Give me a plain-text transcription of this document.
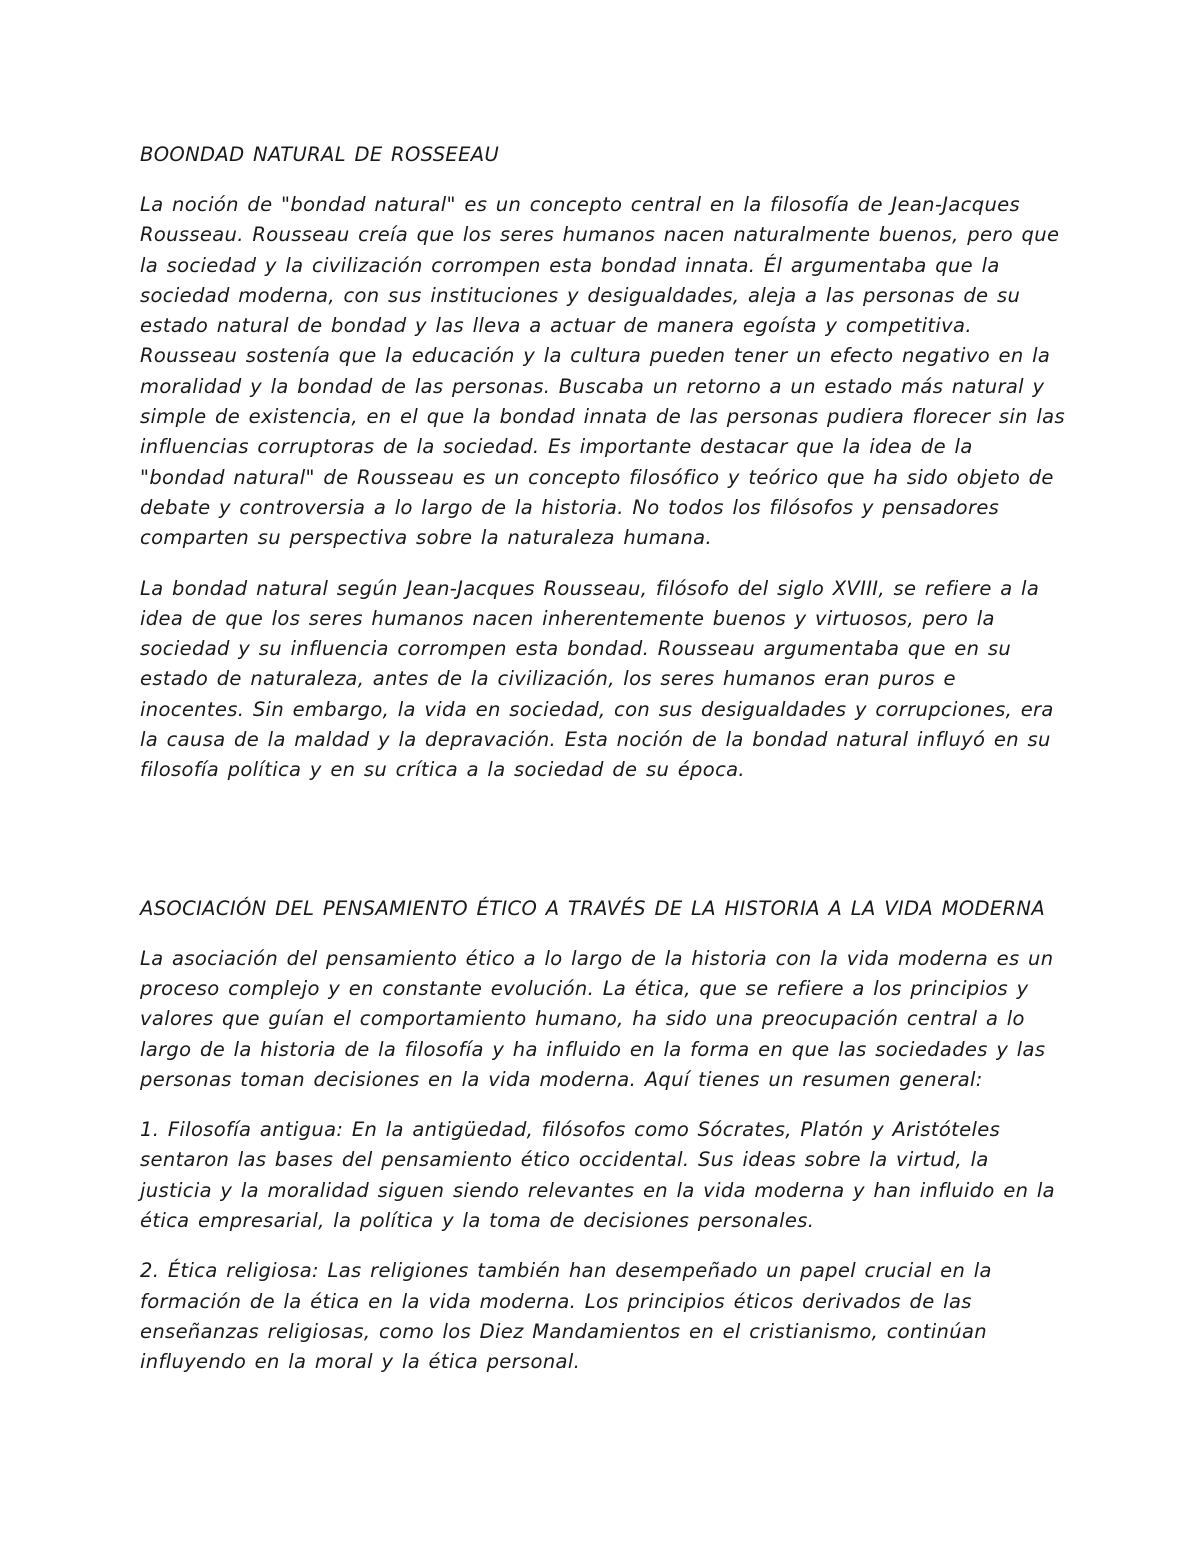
BOONDAD NATURAL DE ROSSEEAU

La noción de "bondad natural" es un concepto central en la filosofía de Jean-Jacques Rousseau. Rousseau creía que los seres humanos nacen naturalmente buenos, pero que la sociedad y la civilización corrompen esta bondad innata. Él argumentaba que la sociedad moderna, con sus instituciones y desigualdades, aleja a las personas de su estado natural de bondad y las lleva a actuar de manera egoísta y competitiva. Rousseau sostenía que la educación y la cultura pueden tener un efecto negativo en la moralidad y la bondad de las personas. Buscaba un retorno a un estado más natural y simple de existencia, en el que la bondad innata de las personas pudiera florecer sin las influencias corruptoras de la sociedad. Es importante destacar que la idea de la "bondad natural" de Rousseau es un concepto filosófico y teórico que ha sido objeto de debate y controversia a lo largo de la historia. No todos los filósofos y pensadores comparten su perspectiva sobre la naturaleza humana.

La bondad natural según Jean-Jacques Rousseau, filósofo del siglo XVIII, se refiere a la idea de que los seres humanos nacen inherentemente buenos y virtuosos, pero la sociedad y su influencia corrompen esta bondad. Rousseau argumentaba que en su estado de naturaleza, antes de la civilización, los seres humanos eran puros e inocentes. Sin embargo, la vida en sociedad, con sus desigualdades y corrupciones, era la causa de la maldad y la depravación. Esta noción de la bondad natural influyó en su filosofía política y en su crítica a la sociedad de su época.

ASOCIACIÓN DEL PENSAMIENTO ÉTICO A TRAVÉS DE LA HISTORIA A LA VIDA MODERNA

La asociación del pensamiento ético a lo largo de la historia con la vida moderna es un proceso complejo y en constante evolución. La ética, que se refiere a los principios y valores que guían el comportamiento humano, ha sido una preocupación central a lo largo de la historia de la filosofía y ha influido en la forma en que las sociedades y las personas toman decisiones en la vida moderna. Aquí tienes un resumen general:

1. Filosofía antigua: En la antigüedad, filósofos como Sócrates, Platón y Aristóteles sentaron las bases del pensamiento ético occidental. Sus ideas sobre la virtud, la justicia y la moralidad siguen siendo relevantes en la vida moderna y han influido en la ética empresarial, la política y la toma de decisiones personales.

2. Ética religiosa: Las religiones también han desempeñado un papel crucial en la formación de la ética en la vida moderna. Los principios éticos derivados de las enseñanzas religiosas, como los Diez Mandamientos en el cristianismo, continúan influyendo en la moral y la ética personal.
